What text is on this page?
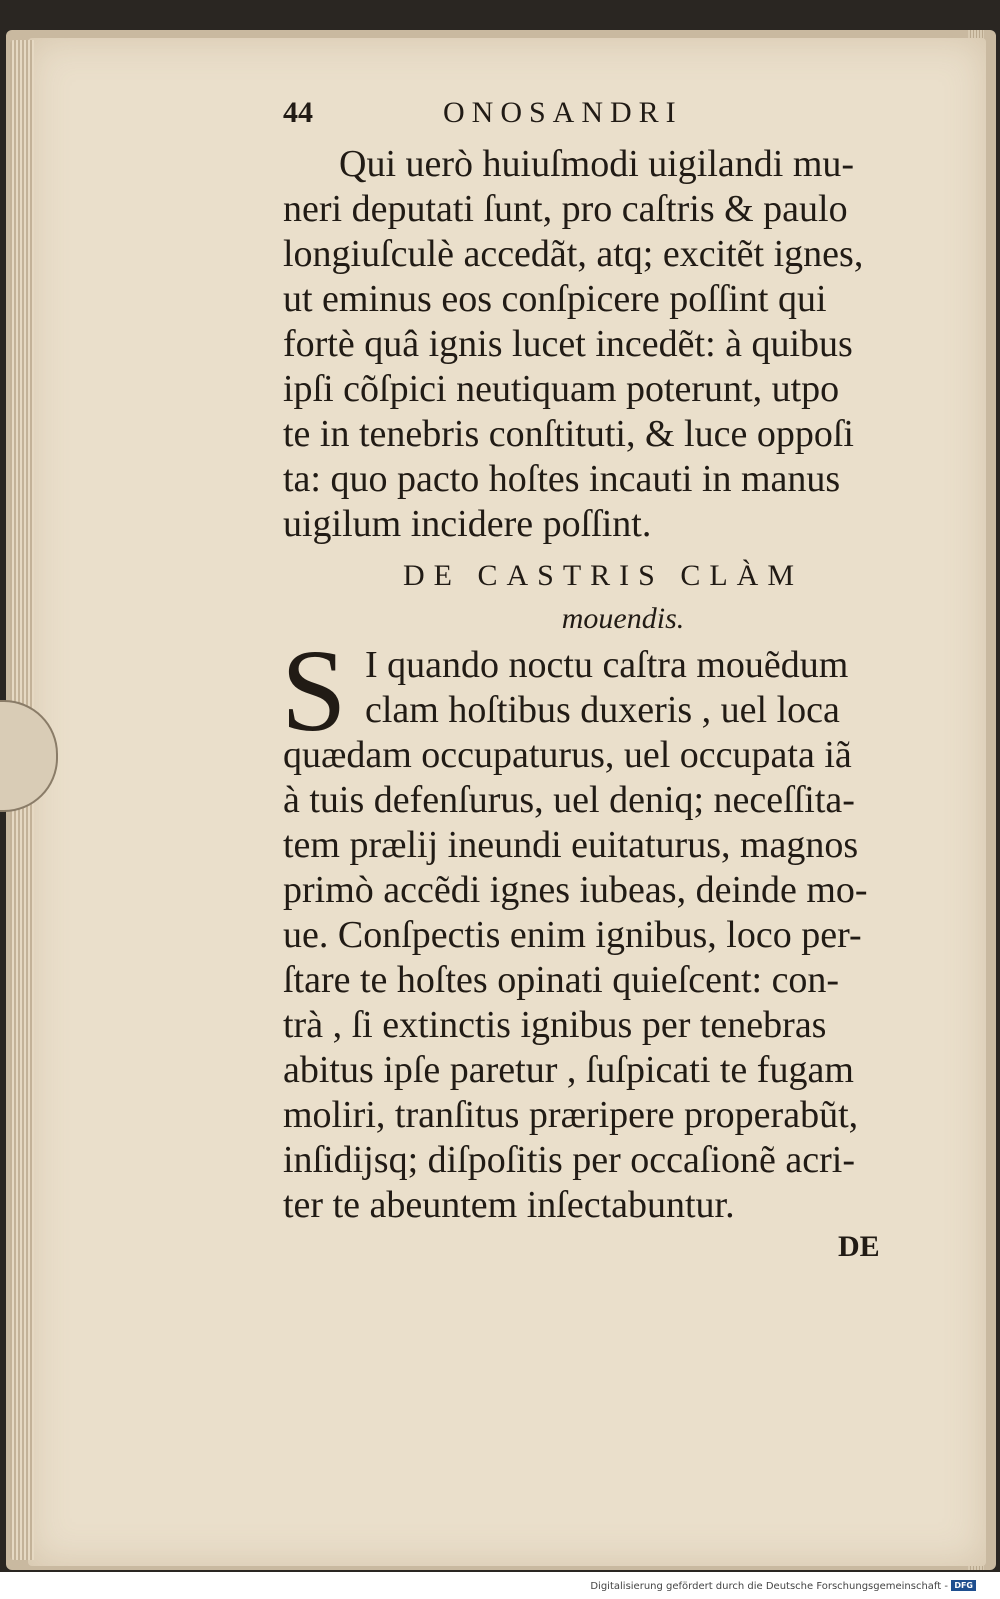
44	ONOSANDRI
Qui uerò huiuſmodi uigilandi mu-
neri deputati ſunt, pro caſtris & paulo
longiuſculè accedãt, atq; excitẽt ignes,
ut eminus eos conſpicere poſſint qui
fortè quâ ignis lucet incedẽt: à quibus
ipſi cõſpici neutiquam poterunt, utpo
te in tenebris conſtituti, & luce oppoſi
ta: quo pacto hoſtes incauti in manus
uigilum incidere poſſint.
DE CASTRIS CLÀM
mouendis.
S I quando noctu caſtra mouẽdum
clam hoſtibus duxeris , uel loca
quædam occupaturus, uel occupata iã
à tuis defenſurus, uel deniq; neceſſita-
tem prælij ineundi euitaturus, magnos
primò accẽdi ignes iubeas, deinde mo-
ue. Conſpectis enim ignibus, loco per-
ſtare te hoſtes opinati quieſcent: con-
trà , ſi extinctis ignibus per tenebras
abitus ipſe paretur , ſuſpicati te fugam
moliri, tranſitus præripere properabũt,
inſidijsq; diſpoſitis per occaſionẽ acri-
ter te abeuntem inſectabuntur.
DE
Digitalisierung gefördert durch die Deutsche Forschungsgemeinschaft - DFG
